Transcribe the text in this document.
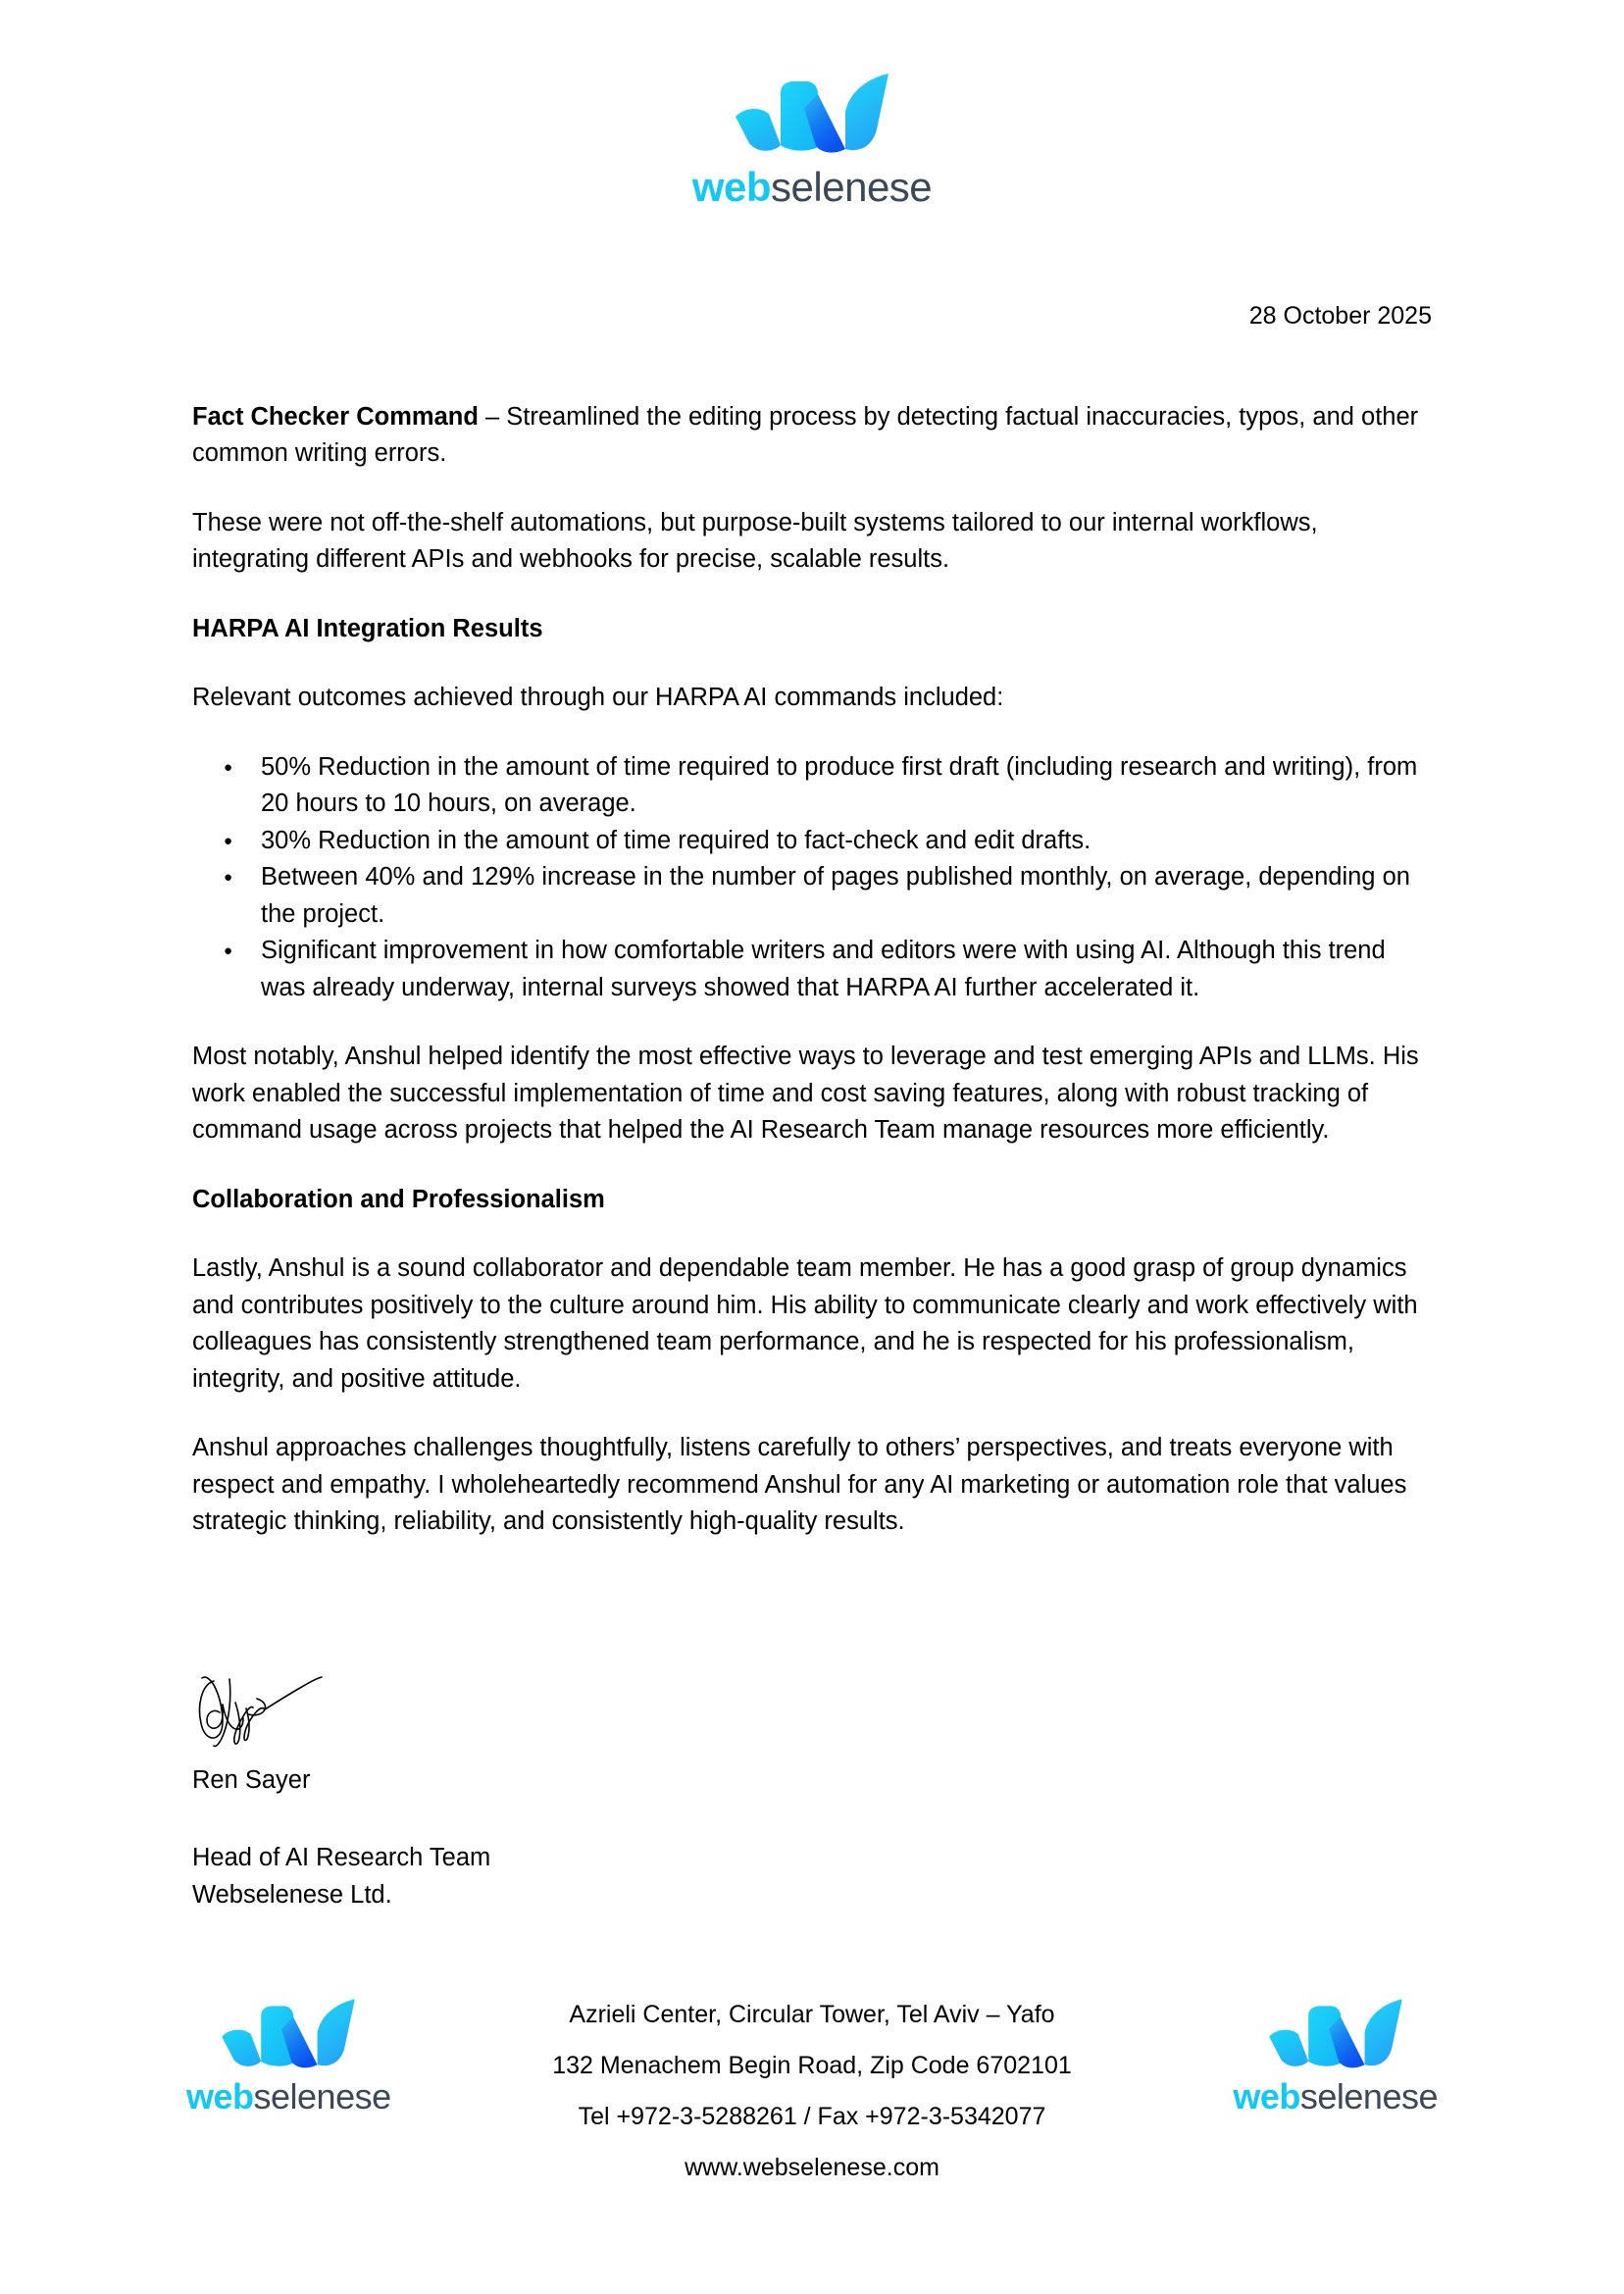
webselenese
28 October 2025

Fact Checker Command – Streamlined the editing process by detecting factual inaccuracies, typos, and other common writing errors.

These were not off-the-shelf automations, but purpose-built systems tailored to our internal workflows, integrating different APIs and webhooks for precise, scalable results.

HARPA AI Integration Results

Relevant outcomes achieved through our HARPA AI commands included:

● 50% Reduction in the amount of time required to produce first draft (including research and writing), from 20 hours to 10 hours, on average.
● 30% Reduction in the amount of time required to fact-check and edit drafts.
● Between 40% and 129% increase in the number of pages published monthly, on average, depending on the project.
● Significant improvement in how comfortable writers and editors were with using AI. Although this trend was already underway, internal surveys showed that HARPA AI further accelerated it.

Most notably, Anshul helped identify the most effective ways to leverage and test emerging APIs and LLMs. His work enabled the successful implementation of time and cost saving features, along with robust tracking of command usage across projects that helped the AI Research Team manage resources more efficiently.

Collaboration and Professionalism

Lastly, Anshul is a sound collaborator and dependable team member. He has a good grasp of group dynamics and contributes positively to the culture around him. His ability to communicate clearly and work effectively with colleagues has consistently strengthened team performance, and he is respected for his professionalism, integrity, and positive attitude.

Anshul approaches challenges thoughtfully, listens carefully to others’ perspectives, and treats everyone with respect and empathy. I wholeheartedly recommend Anshul for any AI marketing or automation role that values strategic thinking, reliability, and consistently high-quality results.

Ren Sayer
Head of AI Research Team
Webselenese Ltd.
webselenese
Azrieli Center, Circular Tower, Tel Aviv – Yafo
132 Menachem Begin Road, Zip Code 6702101
Tel +972-3-5288261 / Fax +972-3-5342077
www.webselenese.com
webselenese
